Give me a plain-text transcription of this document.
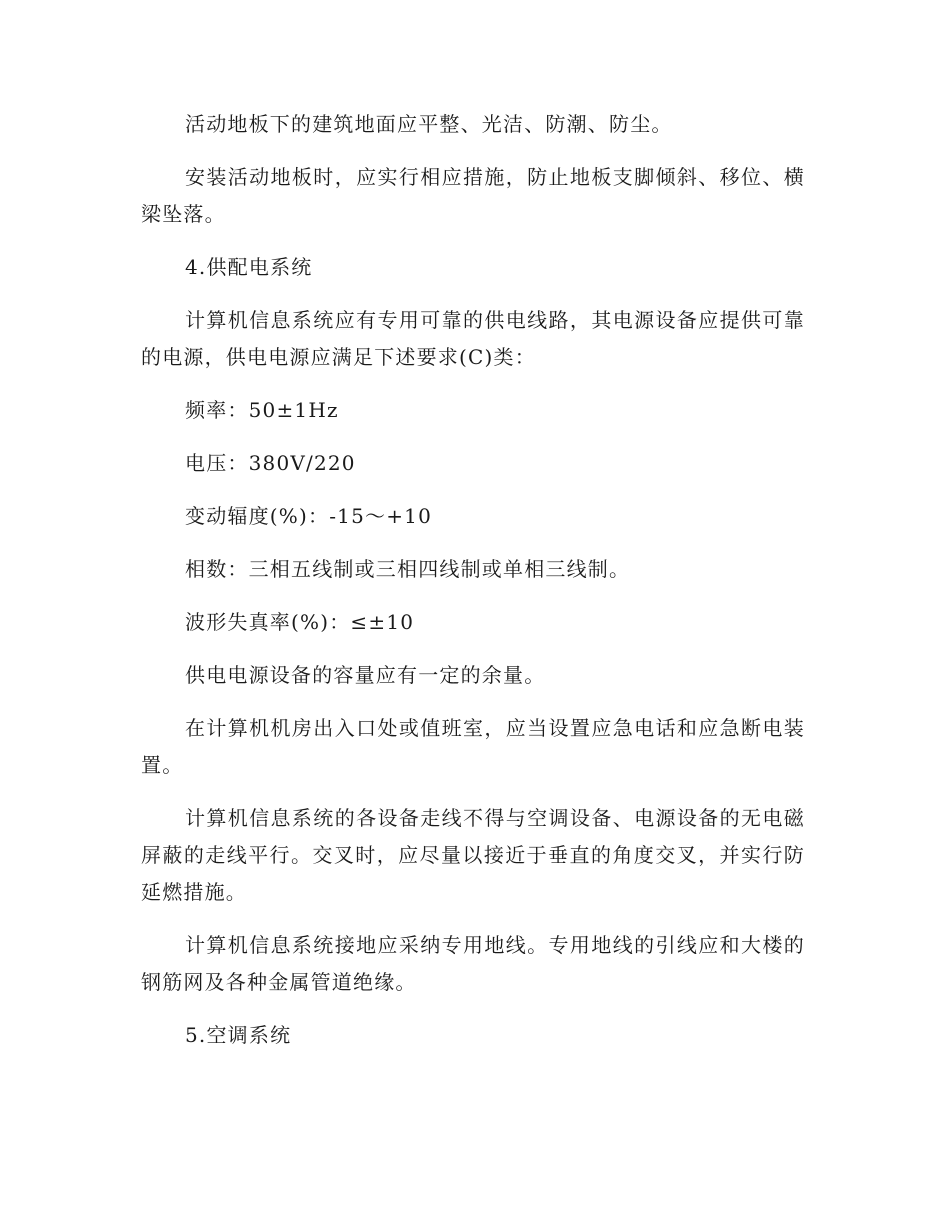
活动地板下的建筑地面应平整、光洁、防潮、防尘。

安装活动地板时，应实行相应措施，防止地板支脚倾斜、移位、横梁坠落。

4.供配电系统

计算机信息系统应有专用可靠的供电线路，其电源设备应提供可靠的电源，供电电源应满足下述要求(C)类：

频率：50±1Hz

电压：380V/220

变动辐度(%)：-15～+10

相数：三相五线制或三相四线制或单相三线制。

波形失真率(%)：≤±10

供电电源设备的容量应有一定的余量。

在计算机机房出入口处或值班室，应当设置应急电话和应急断电装置。

计算机信息系统的各设备走线不得与空调设备、电源设备的无电磁屏蔽的走线平行。交叉时，应尽量以接近于垂直的角度交叉，并实行防延燃措施。

计算机信息系统接地应采纳专用地线。专用地线的引线应和大楼的钢筋网及各种金属管道绝缘。

5.空调系统
